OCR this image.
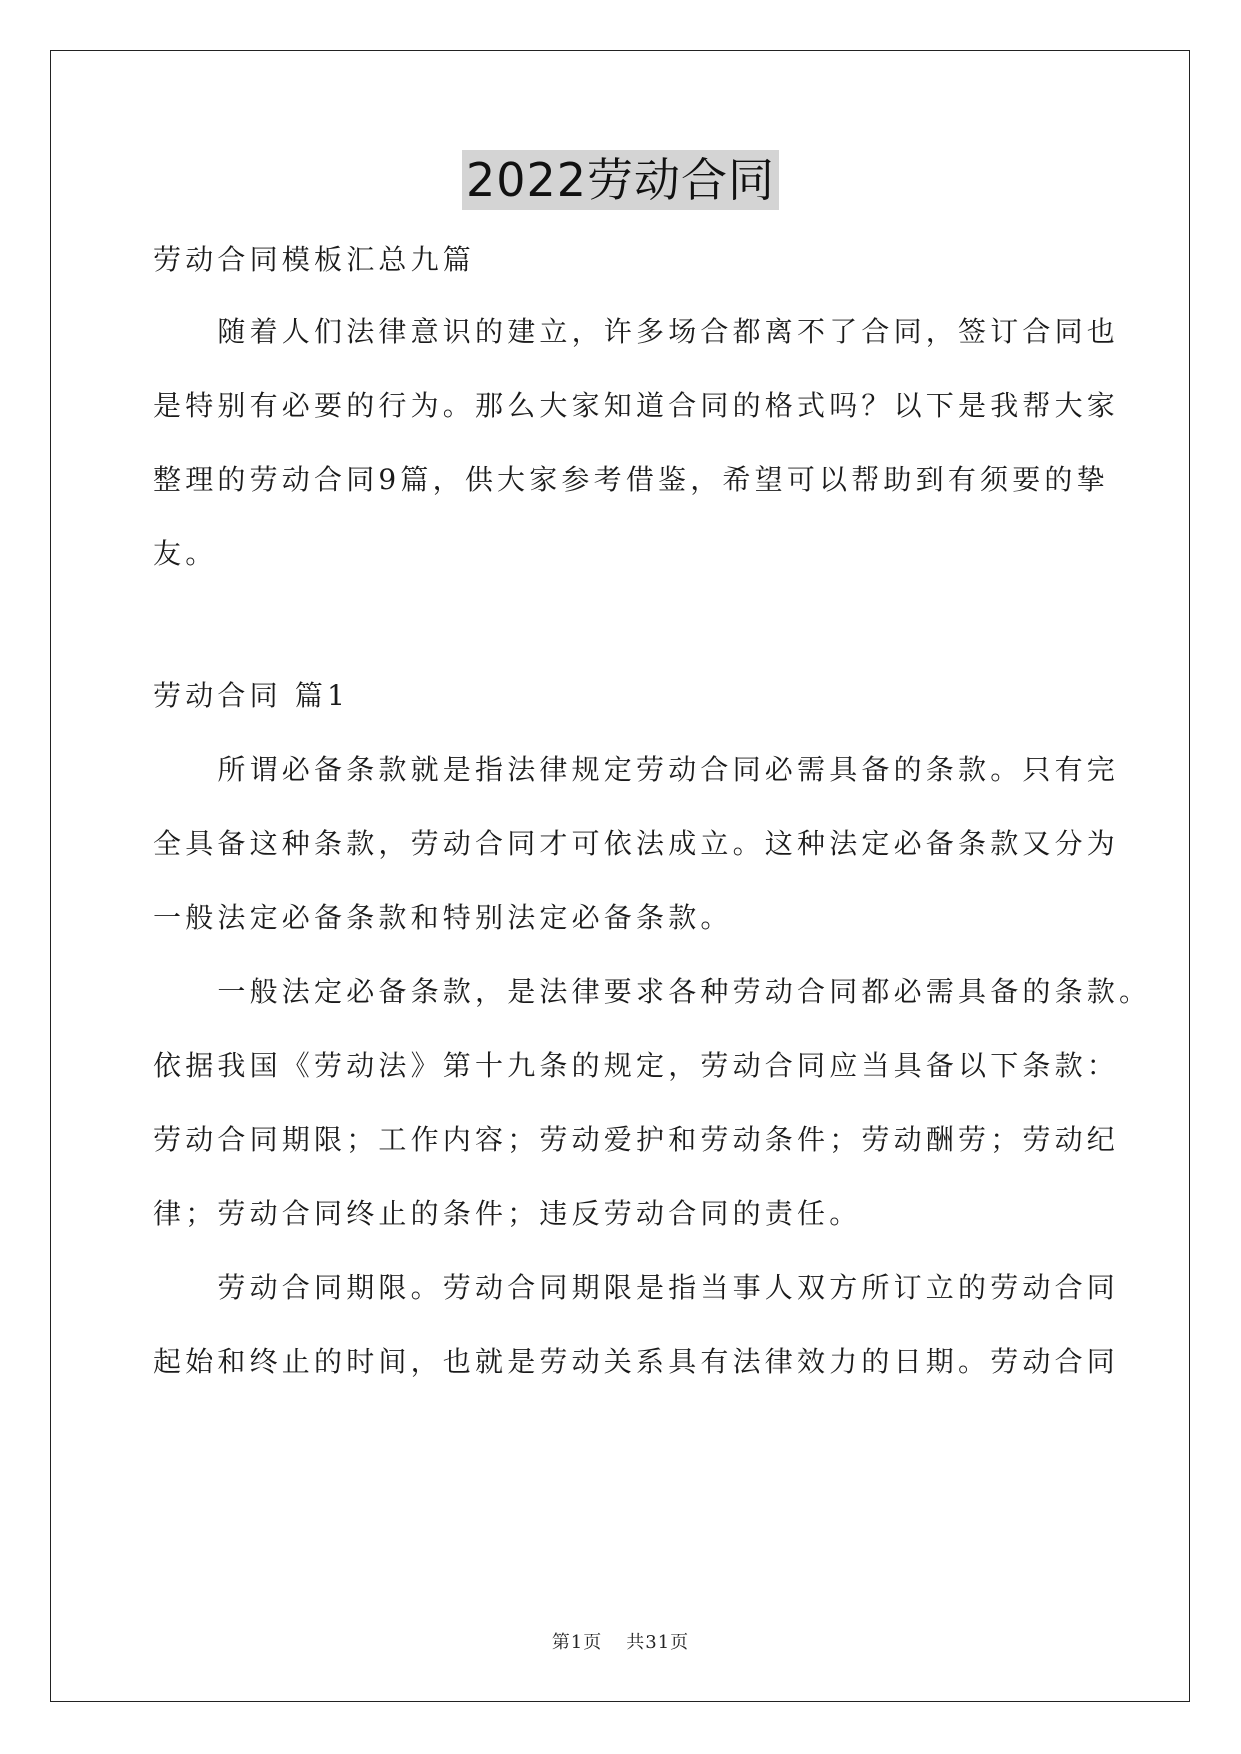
2022劳动合同
劳动合同模板汇总九篇
　　随着人们法律意识的建立，许多场合都离不了合同，签订合同也
是特别有必要的行为。那么大家知道合同的格式吗？以下是我帮大家
整理的劳动合同9篇，供大家参考借鉴，希望可以帮助到有须要的挚
友。
劳动合同 篇1
　　所谓必备条款就是指法律规定劳动合同必需具备的条款。只有完
全具备这种条款，劳动合同才可依法成立。这种法定必备条款又分为
一般法定必备条款和特别法定必备条款。
　　一般法定必备条款，是法律要求各种劳动合同都必需具备的条款。
依据我国《劳动法》第十九条的规定，劳动合同应当具备以下条款：
劳动合同期限；工作内容；劳动爱护和劳动条件；劳动酬劳；劳动纪
律；劳动合同终止的条件；违反劳动合同的责任。
　　劳动合同期限。劳动合同期限是指当事人双方所订立的劳动合同
起始和终止的时间，也就是劳动关系具有法律效力的日期。劳动合同
第1页 共31页
